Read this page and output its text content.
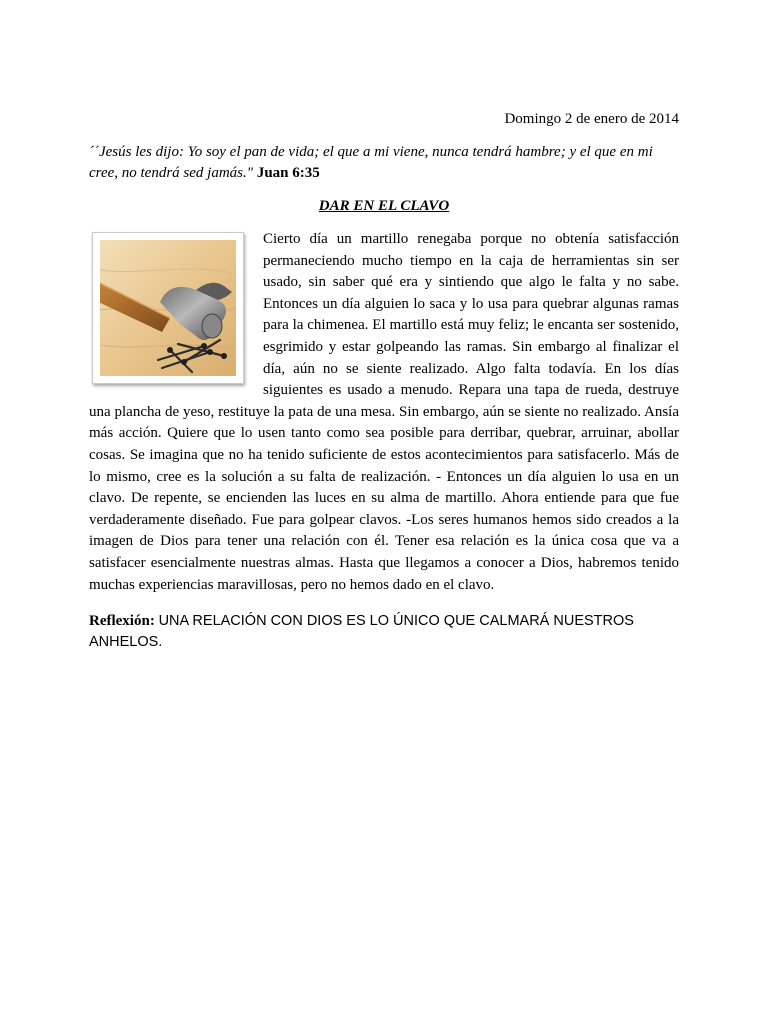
Domingo 2 de enero de 2014
´´Jesús les dijo: Yo soy el pan de vida; el que a mi viene, nunca tendrá hambre; y el que en mi cree, no tendrá sed jamás." Juan 6:35
DAR EN EL CLAVO
Cierto día un martillo renegaba porque no obtenía satisfacción permaneciendo mucho tiempo en la caja de herramientas sin ser usado, sin saber qué era y sintiendo que algo le falta y no sabe. Entonces un día alguien lo saca y lo usa para quebrar algunas ramas para la chimenea. El martillo está muy feliz; le encanta ser sostenido, esgrimido y estar golpeando las ramas. Sin embargo al finalizar el día, aún no se siente realizado. Algo falta todavía. En los días siguientes es usado a menudo. Repara una tapa de rueda, destruye una plancha de yeso, restituye la pata de una mesa. Sin embargo, aún se siente no realizado. Ansía más acción. Quiere que lo usen tanto como sea posible para derribar, quebrar, arruinar, abollar cosas. Se imagina que no ha tenido suficiente de estos acontecimientos para satisfacerlo. Más de lo mismo, cree es la solución a su falta de realización. - Entonces un día alguien lo usa en un clavo. De repente, se encienden las luces en su alma de martillo. Ahora entiende para que fue verdaderamente diseñado. Fue para golpear clavos. -Los seres humanos hemos sido creados a la imagen de Dios para tener una relación con él. Tener esa relación es la única cosa que va a satisfacer esencialmente nuestras almas. Hasta que llegamos a conocer a Dios, habremos tenido muchas experiencias maravillosas, pero no hemos dado en el clavo.
Reflexión: UNA RELACIÓN CON DIOS ES LO ÚNICO QUE CALMARÁ NUESTROS ANHELOS.
